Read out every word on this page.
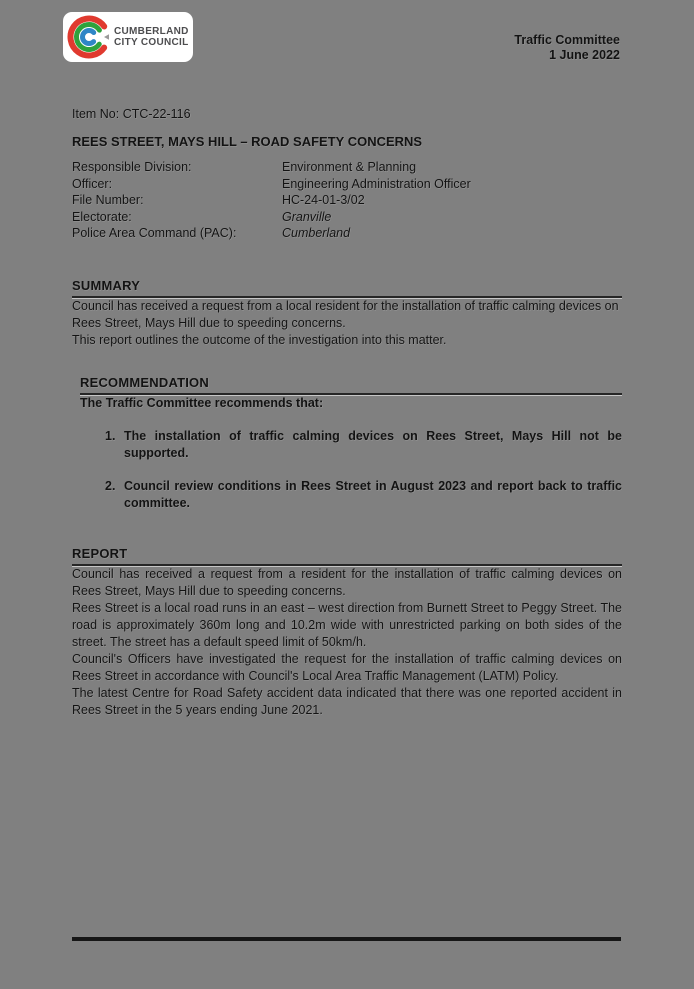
CUMBERLAND
CITY COUNCIL	Traffic Committee
1 June 2022
Item No: CTC-22-116
REES STREET, MAYS HILL – ROAD SAFETY CONCERNS
Responsible Division:	Environment & Planning
Officer:	Engineering Administration Officer
File Number:	HC-24-01-3/02
Electorate:	Granville
Police Area Command (PAC):	Cumberland
SUMMARY

Council has received a request from a local resident for the installation of traffic calming devices on Rees Street, Mays Hill due to speeding concerns.

This report outlines the outcome of the investigation into this matter.

RECOMMENDATION

The Traffic Committee recommends that:

1. The installation of traffic calming devices on Rees Street, Mays Hill not be supported.
2. Council review conditions in Rees Street in August 2023 and report back to traffic committee.
REPORT

Council has received a request from a resident for the installation of traffic calming devices on Rees Street, Mays Hill due to speeding concerns.

Rees Street is a local road runs in an east – west direction from Burnett Street to Peggy Street. The road is approximately 360m long and 10.2m wide with unrestricted parking on both sides of the street. The street has a default speed limit of 50km/h.

Council's Officers have investigated the request for the installation of traffic calming devices on Rees Street in accordance with Council's Local Area Traffic Management (LATM) Policy.

The latest Centre for Road Safety accident data indicated that there was one reported accident in Rees Street in the 5 years ending June 2021.
